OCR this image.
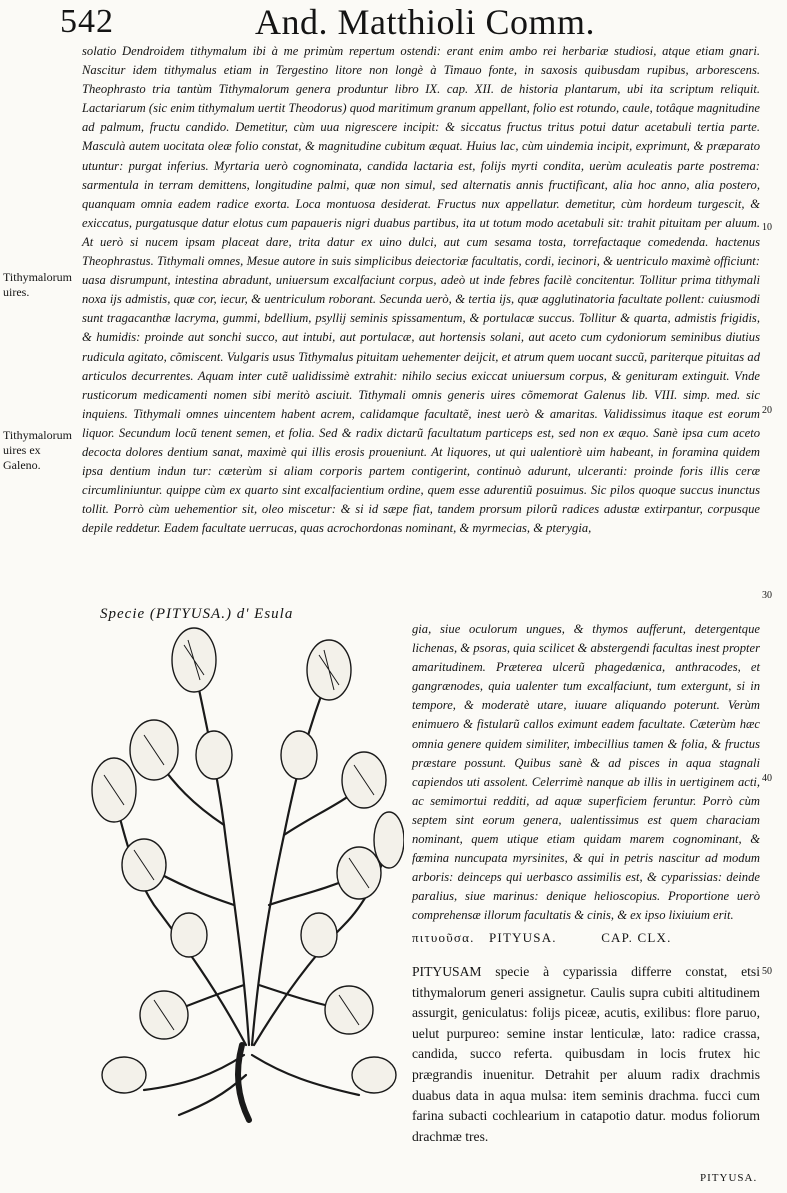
542	And. Matthioli Comm.

solatio Dendroidem tithymalum ibi à me primùm repertum ostendi: erant enim ambo rei herbariæ studiosi, atque etiam gnari. Nascitur idem tithymalus etiam in Tergestino litore non longè à Timauo fonte, in saxosis quibusdam rupibus, arborescens. Theophrasto tria tantùm Tithymalorum genera produntur libro IX. cap. XII. de historia plantarum, ubi ita scriptum reliquit. Lactariarum (sic enim tithymalum uertit Theodorus) quod maritimum granum appellant, folio est rotundo, caule, totâque magnitudine ad palmum, fructu candido. Demetitur, cùm uua nigrescere incipit: & siccatus fructus tritus potui datur acetabuli tertia parte. Masculà autem uocitata oleæ folio constat, & magnitudine cubitum æquat. Huius lac, cùm uindemia incipit, exprimunt, & præparato utuntur: purgat inferius. Myrtaria uerò cognominata, candida lactaria est, folijs myrti condita, uerùm aculeatis parte postrema: sarmentula in terram demittens, longitudine palmi, quæ non simul, sed alternatis annis fructificant, alia hoc anno, alia postero, quanquam omnia eadem radice exorta. Loca montuosa desiderat. Fructus nux appellatur. demetitur, cùm hordeum turgescit, & exiccatus, purgatusque datur elotus cum papaueris nigri duabus partibus, ita ut totum modo acetabuli sit: trahit pituitam per aluum. At uerò si nucem ipsam placeat dare, trita datur ex uino dulci, aut cum sesama tosta, torrefactaque comedenda. hactenus Theophrastus. Tithymali omnes, Mesue autore in suis simplicibus deiectoriæ facultatis, cordi, iecinori, & uentriculo maximè officiunt: uasa disrumpunt, intestina abradunt, uniuersum excalfaciunt corpus, adeò ut inde febres facilè concitentur. Tollitur prima tithymali noxa ijs admistis, quæ cor, iecur, & uentriculum roborant. Secunda uerò, & tertia ijs, quæ agglutinatoria facultate pollent: cuiusmodi sunt tragacanthæ lacryma, gummi, bdellium, psyllij seminis spissamentum, & portulacæ succus. Tollitur & quarta, admistis frigidis, & humidis: proinde aut sonchi succo, aut intubi, aut portulacæ, aut hortensis solani, aut aceto cum cydoniorum seminibus diutius rudicula agitato, cõmiscent. Vulgaris usus Tithymalus pituitam uehementer deijcit, et atrum quem uocant succũ, pariterque pituitas ad articulos decurrentes. Aquam inter cutẽ ualidissimè extrahit: nihilo secius exiccat uniuersum corpus, & genituram extinguit. Vnde rusticorum medicamenti nomen sibi meritò asciuit. Tithymali omnis generis uires cõmemorat Galenus lib. VIII. simp. med. sic inquiens. Tithymali omnes uincentem habent acrem, calidamque facultatẽ, inest uerò & amaritas. Validissimus itaque est eorum liquor. Secundum locũ tenent semen, et folia. Sed & radix dictarũ facultatum particeps est, sed non ex æquo. Sanè ipsa cum aceto decocta dolores dentium sanat, maximè qui illis erosis proueniunt. At liquores, ut qui ualentiorè uim habeant, in foramina quidem ipsa dentium indun tur: cæterùm si aliam corporis partem contigerint, continuò adurunt, ulceranti: proinde foris illis ceræ circumliniuntur. quippe cùm ex quarto sint excalfacientium ordine, quem esse adurentiũ posuimus. Sic pilos quoque succus inunctus tollit. Porrò cùm uehementior sit, oleo miscetur: & si id sæpe fiat, tandem prorsum pilorũ radices adustæ extirpantur, corpusque depile reddetur. Eadem facultate uerrucas, quas acrochordonas nominant, & myrmecias, & pterygia,

Tithymalorum uires.
Tithymalorum uires ex Galeno.
10
20
30
40
50
Specie (PITYUSA.) d' Esula

gia, siue oculorum ungues, & thymos aufferunt, detergentque lichenas, & psoras, quia scilicet & abstergendi facultas inest propter amaritudinem. Præterea ulcerũ phagedænica, anthracodes, et gangrænodes, quia ualenter tum excalfaciunt, tum extergunt, si in tempore, & moderatè utare, iuuare aliquando poterunt. Verùm enimuero & fistularũ callos eximunt eadem facultate. Cæterùm hæc omnia genere quidem similiter, imbecillius tamen & folia, & fructus præstare possunt. Quibus sanè & ad pisces in aqua stagnali capiendos uti assolent. Celerrimè nanque ab illis in uertiginem acti, ac semimortui redditi, ad aquæ superficiem feruntur. Porrò cùm septem sint eorum genera, ualentissimus est quem characiam nominant, quem utique etiam quidam marem cognominant, & fœmina nuncupata myrsinites, & qui in petris nascitur ad modum arboris: deinceps qui uerbasco assimilis est, & cyparissias: deinde paralius, siue marinus: denique helioscopius. Proportione uerò comprehensæ illorum facultatis & cinis, & ex ipso lixiuium erit.

πιτυοῦσα. PITYUSA.	CAP. CLX.

PITYUSAM specie à cyparissia differre constat, etsi tithymalorum generi assignetur. Caulis supra cubiti altitudinem assurgit, geniculatus: folijs piceæ, acutis, exilibus: flore paruo, uelut purpureo: semine instar lenticulæ, lato: radice crassa, candida, succo referta. quibusdam in locis frutex hic prægrandis inuenitur. Detrahit per aluum radix drachmis duabus data in aqua mulsa: item seminis drachma. fucci cum farina subacti cochlearium in catapotio datur. modus foliorum drachmæ tres.

PITYUSA.
